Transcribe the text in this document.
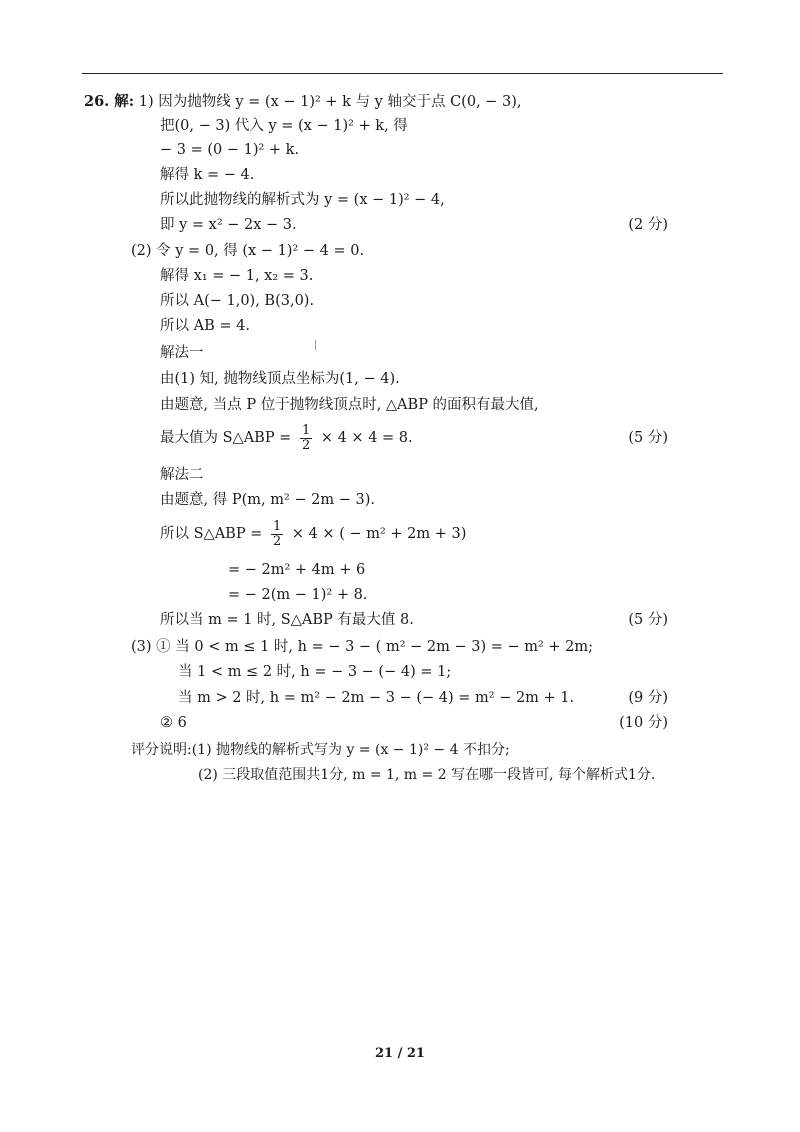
26. 解: 1) 因为抛物线 y = (x − 1)² + k 与 y 轴交于点 C(0, − 3),
把(0, − 3) 代入 y = (x − 1)² + k, 得
− 3 = (0 − 1)² + k.
解得 k = − 4.
所以此抛物线的解析式为 y = (x − 1)² − 4,
即 y = x² − 2x − 3.	(2 分)
(2) 令 y = 0, 得 (x − 1)² − 4 = 0.
解得 x₁ = − 1, x₂ = 3.
所以 A(− 1,0), B(3,0).
所以 AB = 4.
解法一
由(1) 知, 抛物线顶点坐标为(1, − 4).
由题意, 当点 P 位于抛物线顶点时, △ABP 的面积有最大值,
最大值为 S△ABP = $\frac{1}{2} \times 4 \times 4 = 8$.	(5 分)
解法二
由题意, 得 P(m, m² − 2m − 3).
所以 S△ABP = $\frac{1}{2} \times 4$ × ( − m² + 2m + 3)
= − 2m² + 4m + 6
= − 2(m − 1)² + 8.
所以当 m = 1 时, S△ABP 有最大值 8.	(5 分)
(3) ① 当 0 < m ≤ 1 时, h = − 3 − ( m² − 2m − 3) = − m² + 2m;
当 1 < m ≤ 2 时, h = − 3 − (− 4) = 1;
当 m > 2 时, h = m² − 2m − 3 − (− 4) = m² − 2m + 1.	(9 分)
② 6	(10 分)
评分说明:(1) 抛物线的解析式写为 y = (x − 1)² − 4 不扣分;
(2) 三段取值范围共1分, m = 1, m = 2 写在哪一段皆可, 每个解析式1分.
21 / 21
